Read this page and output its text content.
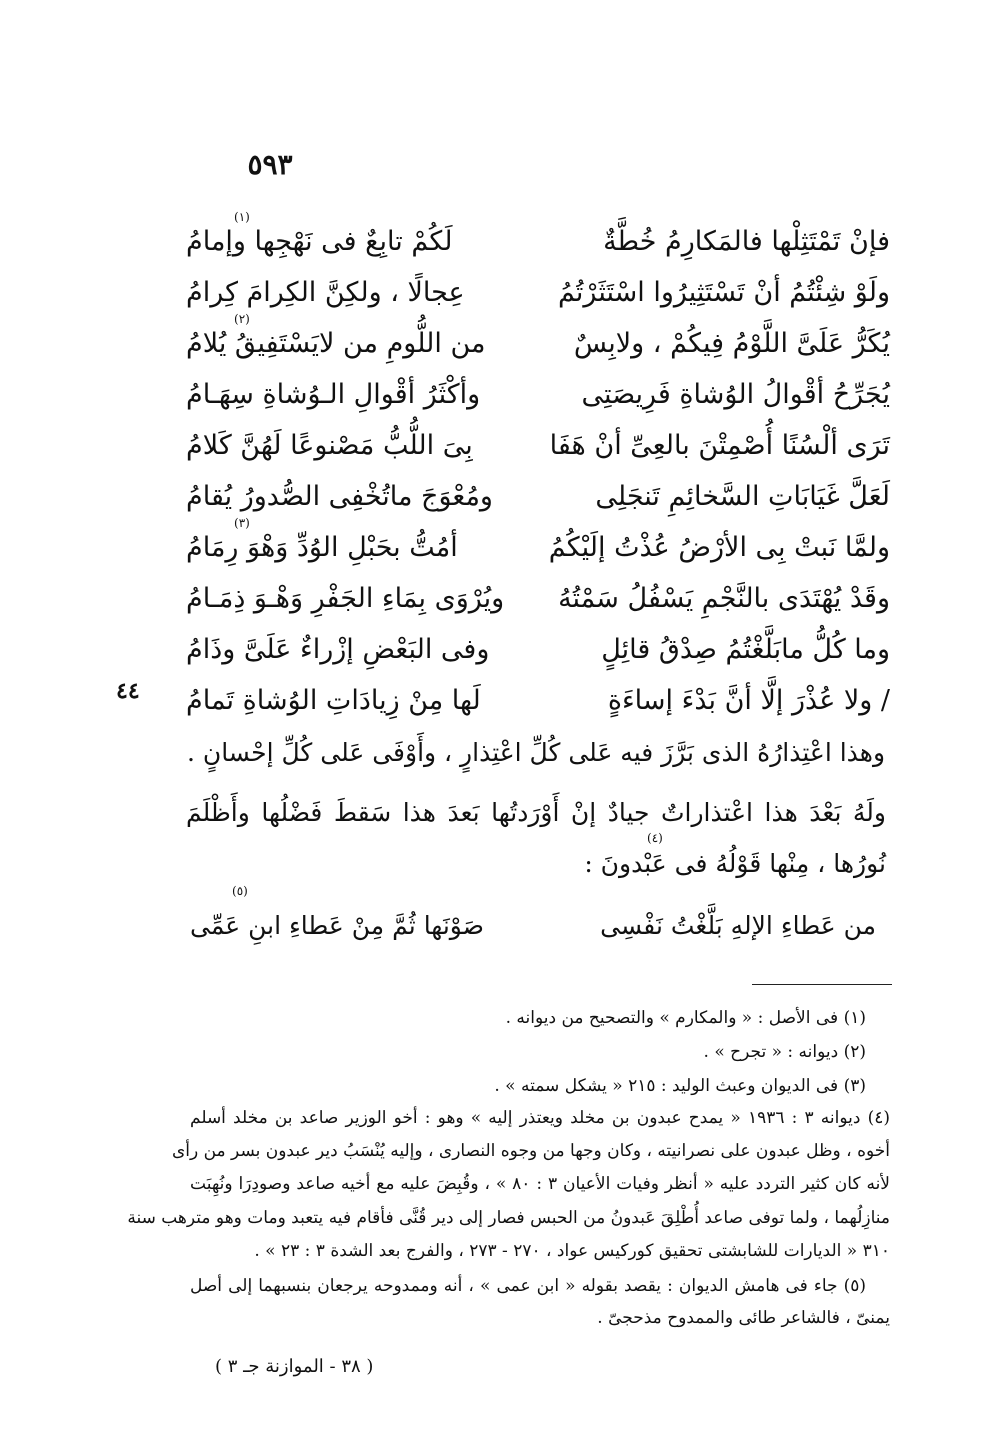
٥٩٣
فإنْ تَمْتَثِلْها فالمَكارِمُ خُطَّةٌ
لَكُمْ تابِعٌ فى نَهْجِها وإمامُ
(١)
ولَوْ شِئْتُمُ أنْ تَسْتَثِيرُوا اسْتَثَرْتُمُ
عِجالًا ، ولكِنَّ الكِرامَ كِرامُ
يُكَرُّ عَلَىَّ اللَّوْمُ فِيكُمْ ، ولابِسٌ
من اللُّومِ من لايَسْتَفِيقُ يُلامُ
(٢)
يُجَرِّحُ أقْوالُ الوُشاةِ فَرِيصَتِى
وأكْثَرُ أقْوالِ الـوُشاةِ سِهَـامُ
تَرَى ألْسُنًا أُصْمِتْنَ بالعِىِّ أنْ هَفَا
بِىَ اللُّبُّ مَصْنوعًا لَهُنَّ كَلامُ
لَعَلَّ غَيَابَاتِ السَّخائِمِ تَنجَلِى
ومُعْوَجَ ماتُخْفِى الصُّدورُ يُقامُ
ولمَّا نَبتْ بِى الأرْضُ عُذْتُ إلَيْكُمُ
أمُتُّ بحَبْلِ الوُدِّ وَهْوَ رِمَامُ
(٣)
وقَدْ يُهْتَدَى بالنَّجْمِ يَسْفُلُ سَمْتُهُ
ويُرْوَى بِمَاءِ الجَفْرِ وَهْـوَ ذِمَـامُ
وما كُلُّ مابَلَّغْتُمُ صِدْقُ قائِلٍ
وفى البَعْضِ إزْراءٌ عَلَىَّ وذَامُ
/ ولا عُذْرَ إلَّا أنَّ بَدْءَ إساءَةٍ
لَها مِنْ زِيادَاتِ الوُشاةِ تَمامُ
٤٤
وهذا اعْتِذارُهُ الذى بَرَّزَ فيه عَلى كُلِّ اعْتِذارٍ ، وأَوْفَى عَلى كُلِّ إحْسانٍ .
ولَهُ بَعْدَ هذا اعْتذاراتٌ جيادٌ إنْ أَوْرَدتُها بَعدَ هذا سَقطَ فَضْلُها وأَظْلَمَ
(٤)
نُورُها ، مِنْها قَوْلُهُ فى عَبْدونَ :
من عَطاءِ الإلهِ بَلَّغْتُ نَفْسِى
صَوْنَها ثُمَّ مِنْ عَطاءِ ابنِ عَمِّى
(٥)
(١) فى الأصل : « والمكارم » والتصحيح من ديوانه .
(٢) ديوانه : « تجرح » .
(٣) فى الديوان وعبث الوليد : ٢١٥ « يشكل سمته » .
(٤) ديوانه ٣ : ١٩٣٦ « يمدح عبدون بن مخلد ويعتذر إليه » وهو : أخو الوزير صاعد بن مخلد أسلم
أخوه ، وظل عبدون على نصرانيته ، وكان وجها من وجوه النصارى ، وإليه يُنْسَبُ دير عبدون بسر من رأى
لأنه كان كثير التردد عليه « أنظر وفيات الأعيان ٣ : ٨٠ » ، وقُبِضَ عليه مع أخيه صاعد وصودِرَا ونُهِبَت
منازِلُهما ، ولما توفى صاعد أُطْلِقَ عَبدونُ من الحبس فصار إلى دير قُنَّى فأقام فيه يتعبد ومات وهو مترهب سنة
٣١٠ « الديارات للشابشتى تحقيق كوركيس عواد ، ٢٧٠ - ٢٧٣ ، والفرج بعد الشدة ٣ : ٢٣ » .
(٥) جاء فى هامش الديوان : يقصد بقوله « ابن عمى » ، أنه وممدوحه يرجعان بنسبهما إلى أصل
يمنىّ ، فالشاعر طائى والممدوح مذحجىّ .
( ٣٨ - الموازنة جـ ٣ )
